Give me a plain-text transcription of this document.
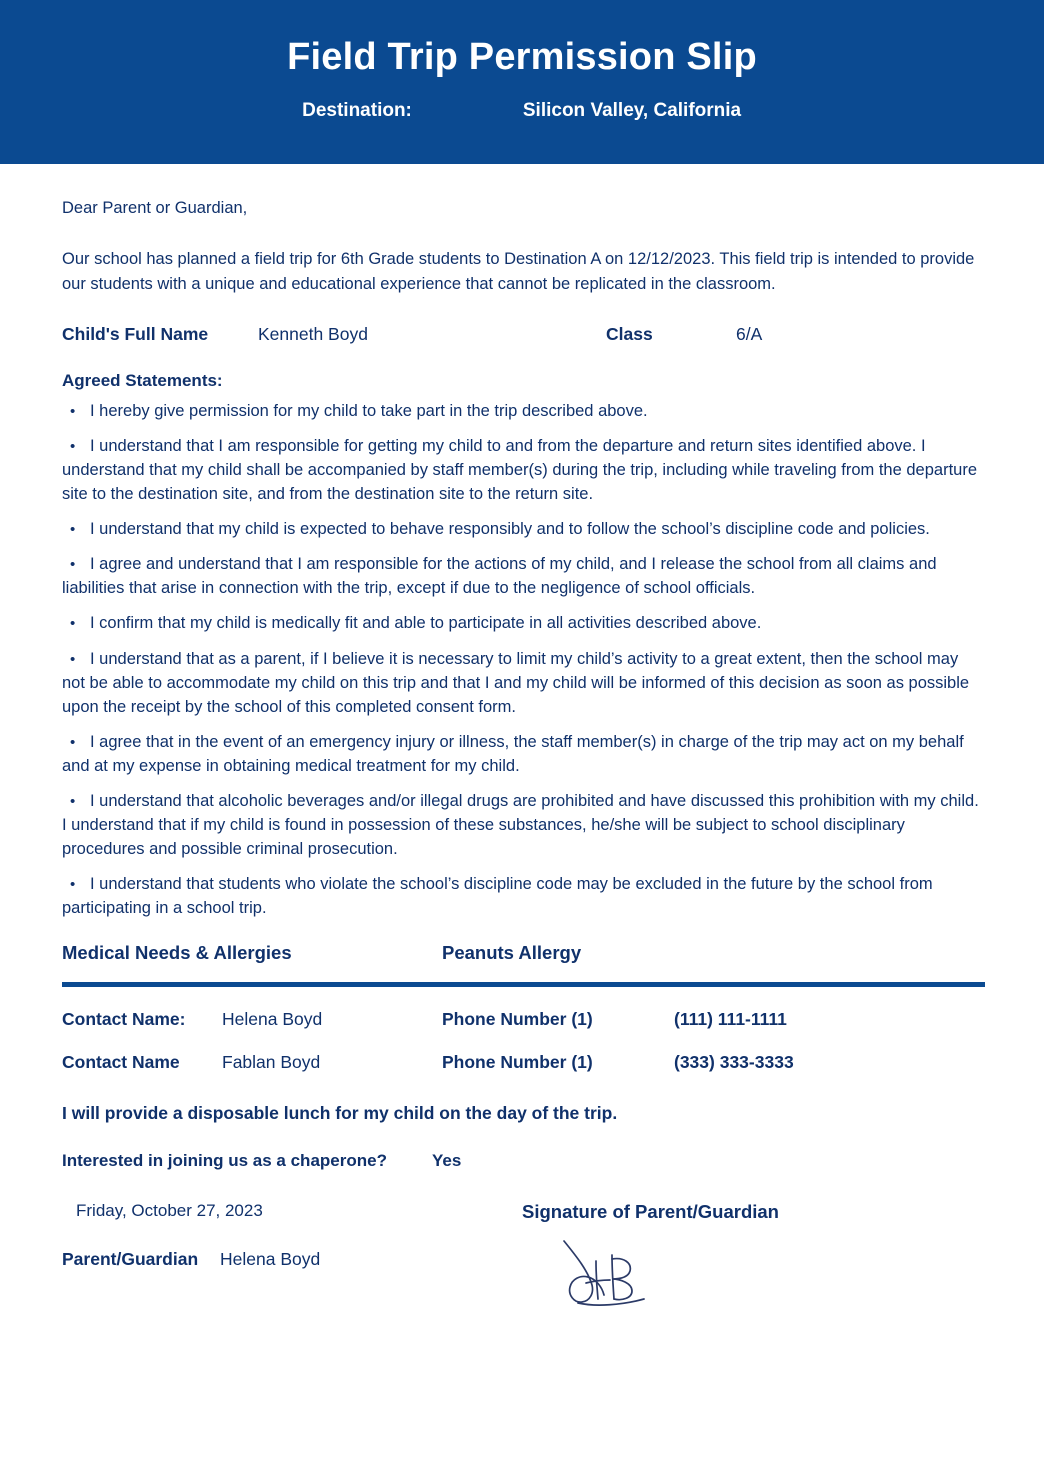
Field Trip Permission Slip
Destination:	Silicon Valley, California
Dear Parent or Guardian,
Our school has planned a field trip for 6th Grade students to Destination A on 12/12/2023. This field trip is intended to provide our students with a unique and educational experience that cannot be replicated in the classroom.
Child's Full Name	Kenneth Boyd	Class	6/A
Agreed Statements:
• I hereby give permission for my child to take part in the trip described above.
• I understand that I am responsible for getting my child to and from the departure and return sites identified above. I understand that my child shall be accompanied by staff member(s) during the trip, including while traveling from the departure site to the destination site, and from the destination site to the return site.
• I understand that my child is expected to behave responsibly and to follow the school’s discipline code and policies.
• I agree and understand that I am responsible for the actions of my child, and I release the school from all claims and liabilities that arise in connection with the trip, except if due to the negligence of school officials.
• I confirm that my child is medically fit and able to participate in all activities described above.
• I understand that as a parent, if I believe it is necessary to limit my child’s activity to a great extent, then the school may not be able to accommodate my child on this trip and that I and my child will be informed of this decision as soon as possible upon the receipt by the school of this completed consent form.
• I agree that in the event of an emergency injury or illness, the staff member(s) in charge of the trip may act on my behalf and at my expense in obtaining medical treatment for my child.
• I understand that alcoholic beverages and/or illegal drugs are prohibited and have discussed this prohibition with my child. I understand that if my child is found in possession of these substances, he/she will be subject to school disciplinary procedures and possible criminal prosecution.
• I understand that students who violate the school’s discipline code may be excluded in the future by the school from participating in a school trip.
Medical Needs & Allergies	Peanuts Allergy
Contact Name:	Helena Boyd	Phone Number (1)	(111) 111-1111
Contact Name	Fablan Boyd	Phone Number (1)	(333) 333-3333
I will provide a disposable lunch for my child on the day of the trip.
Interested in joining us as a chaperone?	Yes
Friday, October 27, 2023
Parent/Guardian	Helena Boyd
Signature of Parent/Guardian
